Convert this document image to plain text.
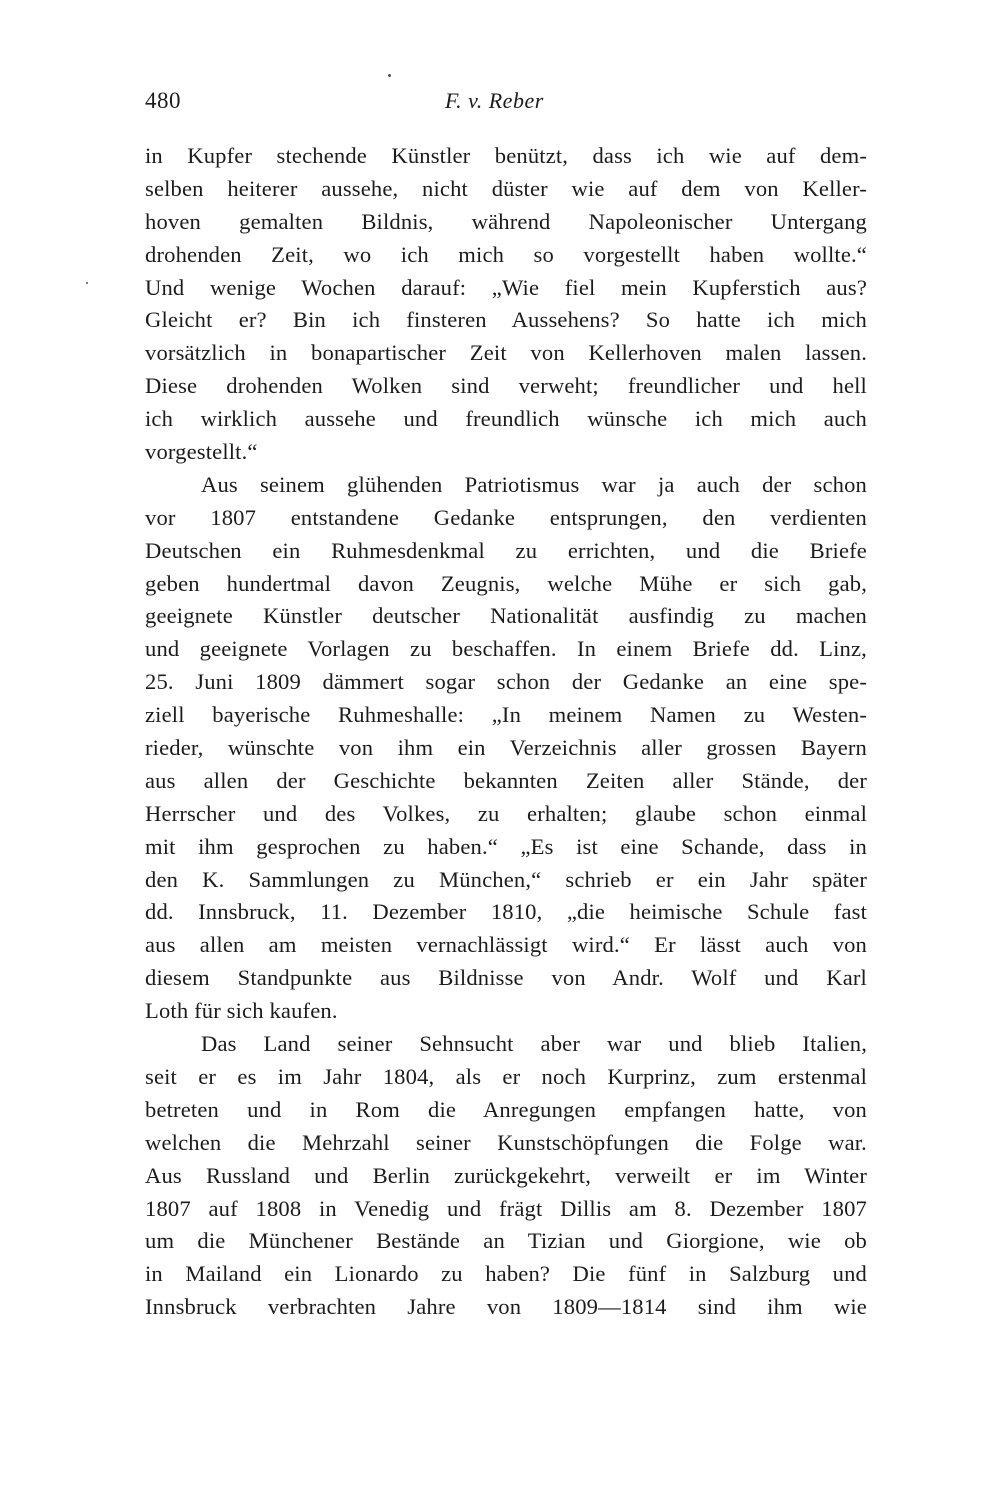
480	F. v. Reber
in Kupfer stechende Künstler benützt, dass ich wie auf dem-
selben heiterer aussehe, nicht düster wie auf dem von Keller-
hoven gemalten Bildnis, während Napoleonischer Untergang
drohenden Zeit, wo ich mich so vorgestellt haben wollte.“
Und wenige Wochen darauf: „Wie fiel mein Kupferstich aus?
Gleicht er? Bin ich finsteren Aussehens? So hatte ich mich
vorsätzlich in bonapartischer Zeit von Kellerhoven malen lassen.
Diese drohenden Wolken sind verweht; freundlicher und hell
ich wirklich aussehe und freundlich wünsche ich mich auch
vorgestellt.“
Aus seinem glühenden Patriotismus war ja auch der schon
vor 1807 entstandene Gedanke entsprungen, den verdienten
Deutschen ein Ruhmesdenkmal zu errichten, und die Briefe
geben hundertmal davon Zeugnis, welche Mühe er sich gab,
geeignete Künstler deutscher Nationalität ausfindig zu machen
und geeignete Vorlagen zu beschaffen. In einem Briefe dd. Linz,
25. Juni 1809 dämmert sogar schon der Gedanke an eine spe-
ziell bayerische Ruhmeshalle: „In meinem Namen zu Westen-
rieder, wünschte von ihm ein Verzeichnis aller grossen Bayern
aus allen der Geschichte bekannten Zeiten aller Stände, der
Herrscher und des Volkes, zu erhalten; glaube schon einmal
mit ihm gesprochen zu haben.“ „Es ist eine Schande, dass in
den K. Sammlungen zu München,“ schrieb er ein Jahr später
dd. Innsbruck, 11. Dezember 1810, „die heimische Schule fast
aus allen am meisten vernachlässigt wird.“ Er lässt auch von
diesem Standpunkte aus Bildnisse von Andr. Wolf und Karl
Loth für sich kaufen.
Das Land seiner Sehnsucht aber war und blieb Italien,
seit er es im Jahr 1804, als er noch Kurprinz, zum erstenmal
betreten und in Rom die Anregungen empfangen hatte, von
welchen die Mehrzahl seiner Kunstschöpfungen die Folge war.
Aus Russland und Berlin zurückgekehrt, verweilt er im Winter
1807 auf 1808 in Venedig und frägt Dillis am 8. Dezember 1807
um die Münchener Bestände an Tizian und Giorgione, wie ob
in Mailand ein Lionardo zu haben? Die fünf in Salzburg und
Innsbruck verbrachten Jahre von 1809—1814 sind ihm wie
